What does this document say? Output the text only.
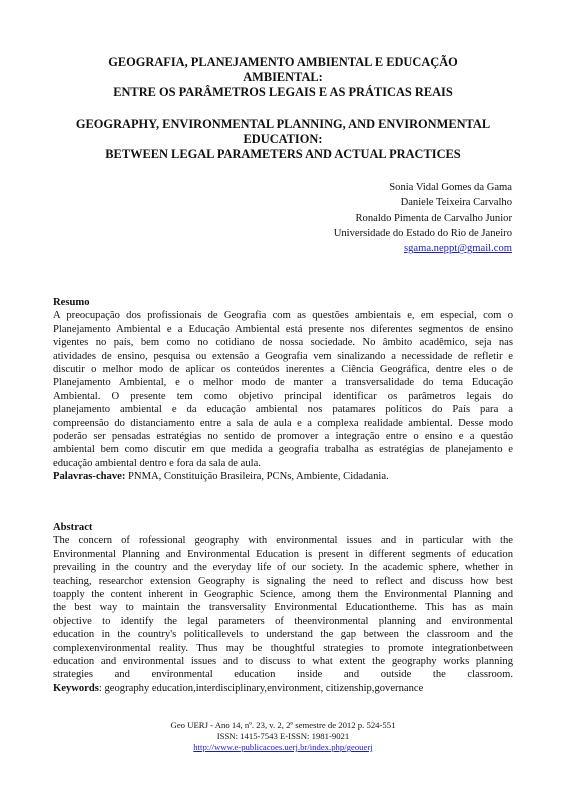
GEOGRAFIA, PLANEJAMENTO AMBIENTAL E EDUCAÇÃO
AMBIENTAL:
ENTRE OS PARÂMETROS LEGAIS E AS PRÁTICAS REAIS
GEOGRAPHY, ENVIRONMENTAL PLANNING, AND ENVIRONMENTAL
EDUCATION:
BETWEEN LEGAL PARAMETERS AND ACTUAL PRACTICES
Sonia Vidal Gomes da Gama
Daniele Teixeira Carvalho
Ronaldo Pimenta de Carvalho Junior
Universidade do Estado do Rio de Janeiro
sgama.neppt@gmail.com
Resumo
A preocupação dos profissionais de Geografia com as questões ambientais e, em especial, com o
Planejamento Ambiental e a Educação Ambiental está presente nos diferentes segmentos de ensino
vigentes no país, bem como no cotidiano de nossa sociedade. No âmbito acadêmico, seja nas
atividades de ensino, pesquisa ou extensão a Geografia vem sinalizando a necessidade de refletir e
discutir o melhor modo de aplicar os conteúdos inerentes a Ciência Geográfica, dentre eles o de
Planejamento Ambiental, e o melhor modo de manter a transversalidade do tema Educação
Ambiental. O presente tem como objetivo principal identificar os parâmetros legais do
planejamento ambiental e da educação ambiental nos patamares políticos do País para a
compreensão do distanciamento entre a sala de aula e a complexa realidade ambiental. Desse modo
poderão ser pensadas estratégias no sentido de promover a integração entre o ensino e a questão
ambiental bem como discutir em que medida a geografia trabalha as estratégias de planejamento e
educação ambiental dentro e fora da sala de aula.
Palavras-chave: PNMA, Constituição Brasileira, PCNs, Ambiente, Cidadania.
Abstract
The concern of rofessional geography with environmental issues and in particular with the
Environmental Planning and Environmental Education is present in different segments of education
prevailing in the country and the everyday life of our society. In the academic sphere, whether in
teaching, researchor extension Geography is signaling the need to reflect and discuss how best
toapply the content inherent in Geographic Science, among them the Environmental Planning and
the best way to maintain the transversality Environmental Educationtheme. This has as main
objective to identify the legal parameters of theenvironmental planning and environmental
education in the country's politicallevels to understand the gap between the classroom and the
complexenvironmental reality. Thus may be thoughtful strategies to promote integrationbetween
education and environmental issues and to discuss to what extent the geography works planning
strategies and environmental education inside and outside the classroom.
Keywords: geography education,interdisciplinary,environment, citizenship,governance
Geo UERJ - Ano 14, nº. 23, v. 2, 2º semestre de 2012 p. 524-551
ISSN: 1415-7543 E-ISSN: 1981-9021
http://www.e-publicacoes.uerj.br/index.php/geouerj
